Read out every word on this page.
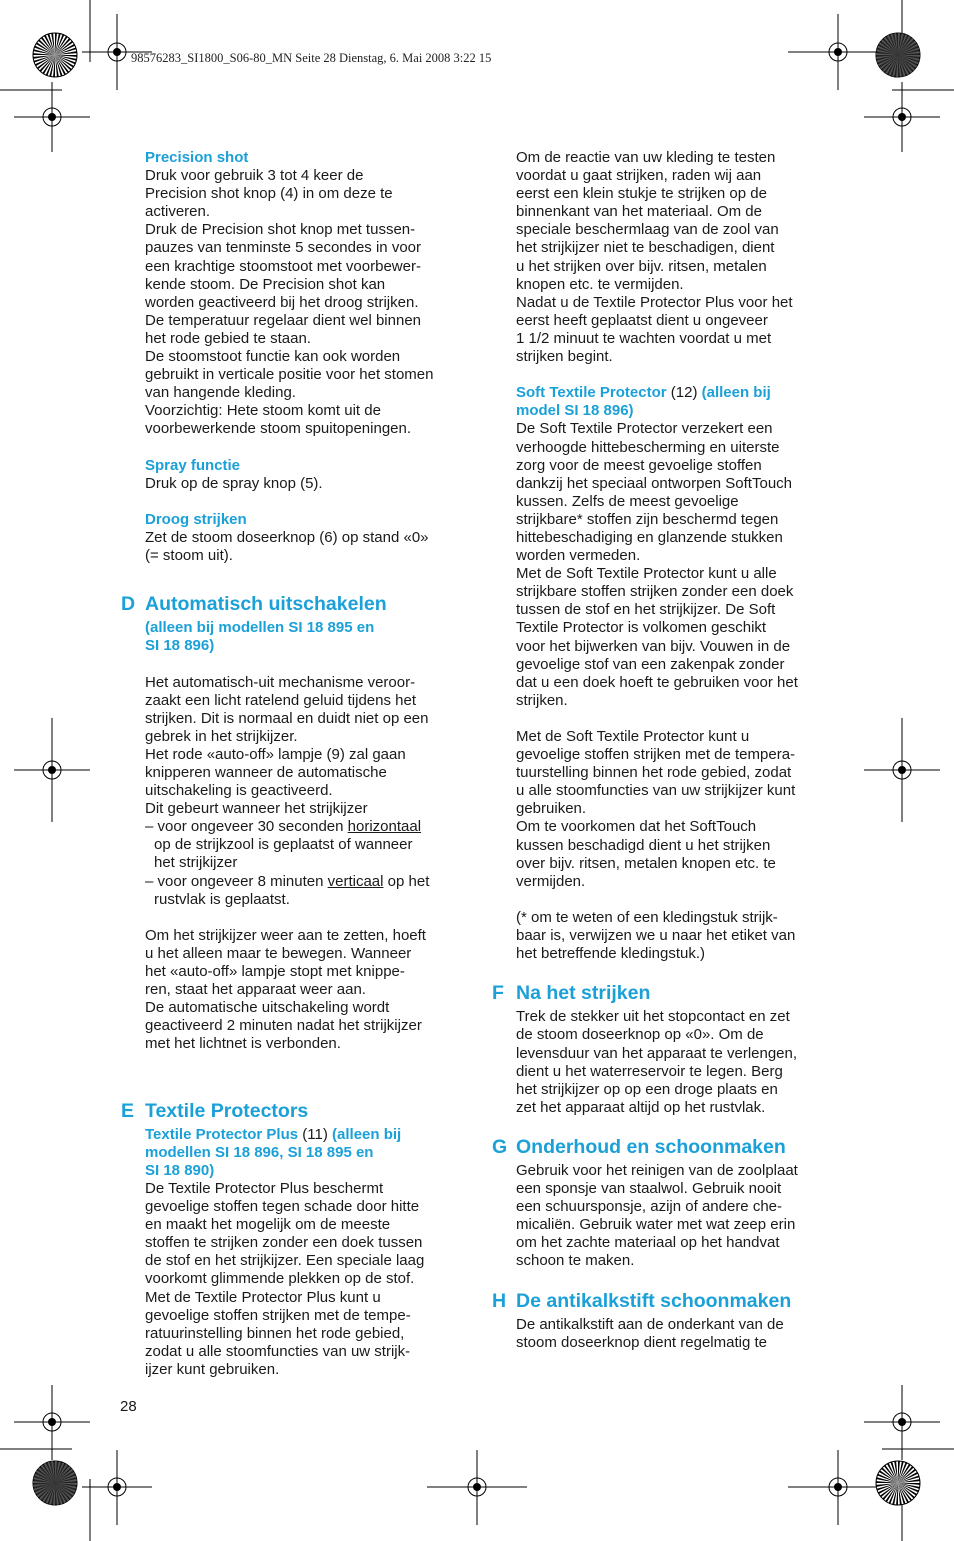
98576283_SI1800_S06-80_MN Seite 28 Dienstag, 6. Mai 2008 3:22 15
Precision shot
Druk voor gebruik 3 tot 4 keer de
Precision shot knop (4) in om deze te
activeren.
Druk de Precision shot knop met tussen-
pauzes van tenminste 5 secondes in voor
een krachtige stoomstoot met voorbewer-
kende stoom. De Precision shot kan
worden geactiveerd bij het droog strijken.
De temperatuur regelaar dient wel binnen
het rode gebied te staan.
De stoomstoot functie kan ook worden
gebruikt in verticale positie voor het stomen
van hangende kleding.
Voorzichtig: Hete stoom komt uit de
voorbewerkende stoom spuitopeningen.
Spray functie
Druk op de spray knop (5).
Droog strijken
Zet de stoom doseerknop (6) op stand «0»
(= stoom uit).
D Automatisch uitschakelen
(alleen bij modellen SI 18 895 en
SI 18 896)
Het automatisch-uit mechanisme veroor-
zaakt een licht ratelend geluid tijdens het
strijken. Dit is normaal en duidt niet op een
gebrek in het strijkijzer.
Het rode «auto-off» lampje (9) zal gaan
knipperen wanneer de automatische
uitschakeling is geactiveerd.
Dit gebeurt wanneer het strijkijzer
– voor ongeveer 30 seconden horizontaal
op de strijkzool is geplaatst of wanneer
het strijkijzer
– voor ongeveer 8 minuten verticaal op het
rustvlak is geplaatst.
Om het strijkijzer weer aan te zetten, hoeft
u het alleen maar te bewegen. Wanneer
het «auto-off» lampje stopt met knippe-
ren, staat het apparaat weer aan.
De automatische uitschakeling wordt
geactiveerd 2 minuten nadat het strijkijzer
met het lichtnet is verbonden.
E Textile Protectors
Textile Protector Plus (11) (alleen bij
modellen SI 18 896, SI 18 895 en
SI 18 890)
De Textile Protector Plus beschermt
gevoelige stoffen tegen schade door hitte
en maakt het mogelijk om de meeste
stoffen te strijken zonder een doek tussen
de stof en het strijkijzer. Een speciale laag
voorkomt glimmende plekken op de stof.
Met de Textile Protector Plus kunt u
gevoelige stoffen strijken met de tempe-
ratuurinstelling binnen het rode gebied,
zodat u alle stoomfuncties van uw strijk-
ijzer kunt gebruiken.
Om de reactie van uw kleding te testen
voordat u gaat strijken, raden wij aan
eerst een klein stukje te strijken op de
binnenkant van het materiaal. Om de
speciale beschermlaag van de zool van
het strijkijzer niet te beschadigen, dient
u het strijken over bijv. ritsen, metalen
knopen etc. te vermijden.
Nadat u de Textile Protector Plus voor het
eerst heeft geplaatst dient u ongeveer
1 1/2 minuut te wachten voordat u met
strijken begint.
Soft Textile Protector (12) (alleen bij
model SI 18 896)
De Soft Textile Protector verzekert een
verhoogde hittebescherming en uiterste
zorg voor de meest gevoelige stoffen
dankzij het speciaal ontworpen SoftTouch
kussen. Zelfs de meest gevoelige
strijkbare* stoffen zijn beschermd tegen
hittebeschadiging en glanzende stukken
worden vermeden.
Met de Soft Textile Protector kunt u alle
strijkbare stoffen strijken zonder een doek
tussen de stof en het strijkijzer. De Soft
Textile Protector is volkomen geschikt
voor het bijwerken van bijv. Vouwen in de
gevoelige stof van een zakenpak zonder
dat u een doek hoeft te gebruiken voor het
strijken.
Met de Soft Textile Protector kunt u
gevoelige stoffen strijken met de tempera-
tuurstelling binnen het rode gebied, zodat
u alle stoomfuncties van uw strijkijzer kunt
gebruiken.
Om te voorkomen dat het SoftTouch
kussen beschadigd dient u het strijken
over bijv. ritsen, metalen knopen etc. te
vermijden.
(* om te weten of een kledingstuk strijk-
baar is, verwijzen we u naar het etiket van
het betreffende kledingstuk.)
F Na het strijken
Trek de stekker uit het stopcontact en zet
de stoom doseerknop op «0». Om de
levensduur van het apparaat te verlengen,
dient u het waterreservoir te legen. Berg
het strijkijzer op op een droge plaats en
zet het apparaat altijd op het rustvlak.
G Onderhoud en schoonmaken
Gebruik voor het reinigen van de zoolplaat
een sponsje van staalwol. Gebruik nooit
een schuursponsje, azijn of andere che-
micaliën. Gebruik water met wat zeep erin
om het zachte materiaal op het handvat
schoon te maken.
H De antikalkstift schoonmaken
De antikalkstift aan de onderkant van de
stoom doseerknop dient regelmatig te
28
